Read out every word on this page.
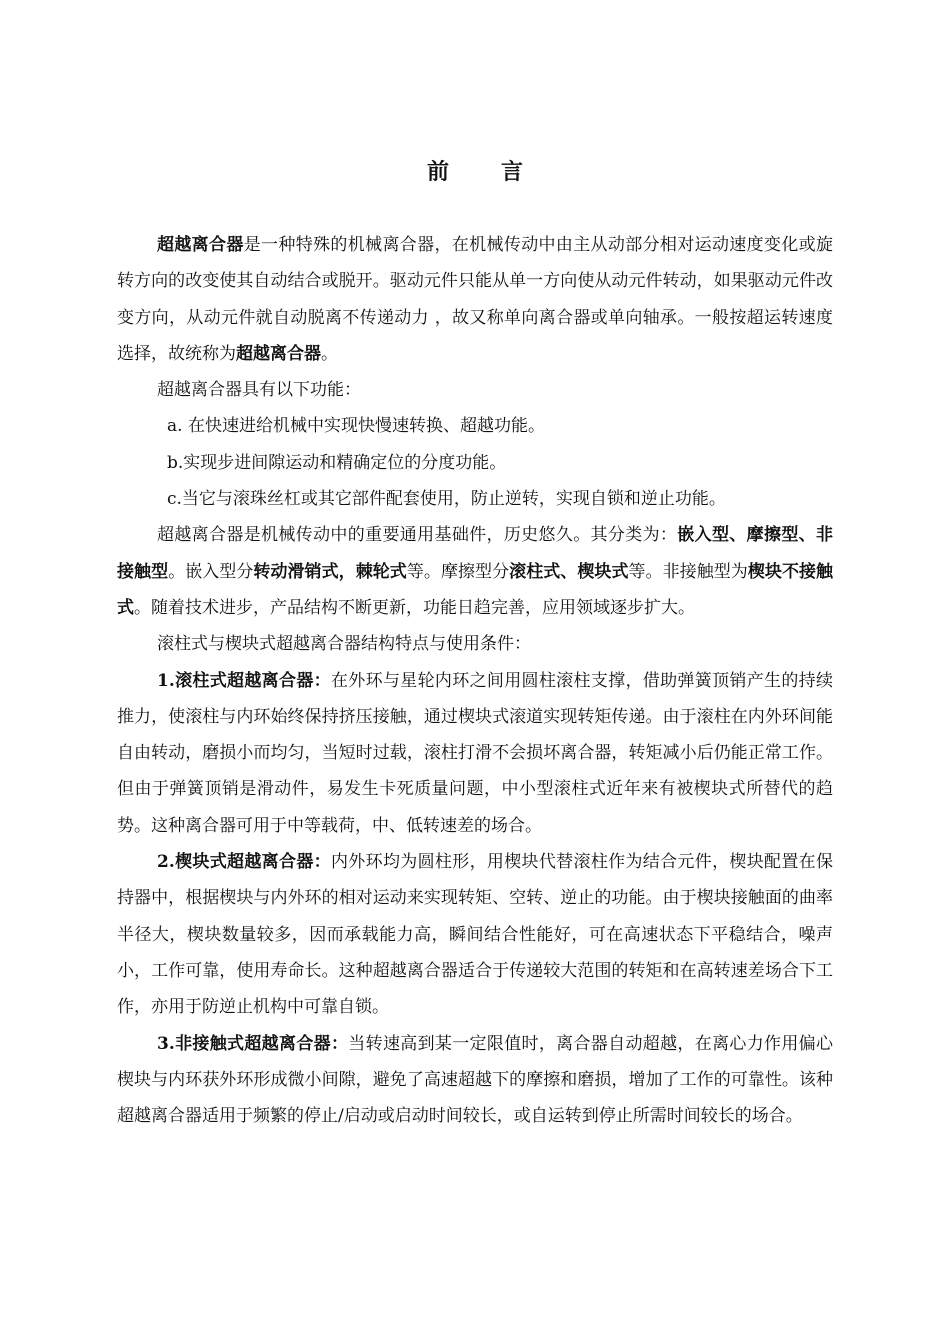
前言

超越离合器是一种特殊的机械离合器，在机械传动中由主从动部分相对运动速度变化或旋转方向的改变使其自动结合或脱开。驱动元件只能从单一方向使从动元件转动，如果驱动元件改变方向，从动元件就自动脱离不传递动力 ，故又称单向离合器或单向轴承。一般按超运转速度选择，故统称为超越离合器。

超越离合器具有以下功能：

a. 在快速进给机械中实现快慢速转换、超越功能。

b.实现步进间隙运动和精确定位的分度功能。

c.当它与滚珠丝杠或其它部件配套使用，防止逆转，实现自锁和逆止功能。

超越离合器是机械传动中的重要通用基础件，历史悠久。其分类为：嵌入型、摩擦型、非接触型。嵌入型分转动滑销式，棘轮式等。摩擦型分滚柱式、楔块式等。非接触型为楔块不接触式。随着技术进步，产品结构不断更新，功能日趋完善，应用领域逐步扩大。

滚柱式与楔块式超越离合器结构特点与使用条件：

1.滚柱式超越离合器：在外环与星轮内环之间用圆柱滚柱支撑，借助弹簧顶销产生的持续推力，使滚柱与内环始终保持挤压接触，通过楔块式滚道实现转矩传递。由于滚柱在内外环间能自由转动，磨损小而均匀，当短时过载，滚柱打滑不会损坏离合器，转矩减小后仍能正常工作。但由于弹簧顶销是滑动件，易发生卡死质量问题，中小型滚柱式近年来有被楔块式所替代的趋势。这种离合器可用于中等载荷，中、低转速差的场合。

2.楔块式超越离合器：内外环均为圆柱形，用楔块代替滚柱作为结合元件，楔块配置在保持器中，根据楔块与内外环的相对运动来实现转矩、空转、逆止的功能。由于楔块接触面的曲率半径大，楔块数量较多，因而承载能力高，瞬间结合性能好，可在高速状态下平稳结合，噪声小，工作可靠，使用寿命长。这种超越离合器适合于传递较大范围的转矩和在高转速差场合下工作，亦用于防逆止机构中可靠自锁。

3.非接触式超越离合器：当转速高到某一定限值时，离合器自动超越，在离心力作用偏心楔块与内环获外环形成微小间隙，避免了高速超越下的摩擦和磨损，增加了工作的可靠性。该种超越离合器适用于频繁的停止/启动或启动时间较长，或自运转到停止所需时间较长的场合。
